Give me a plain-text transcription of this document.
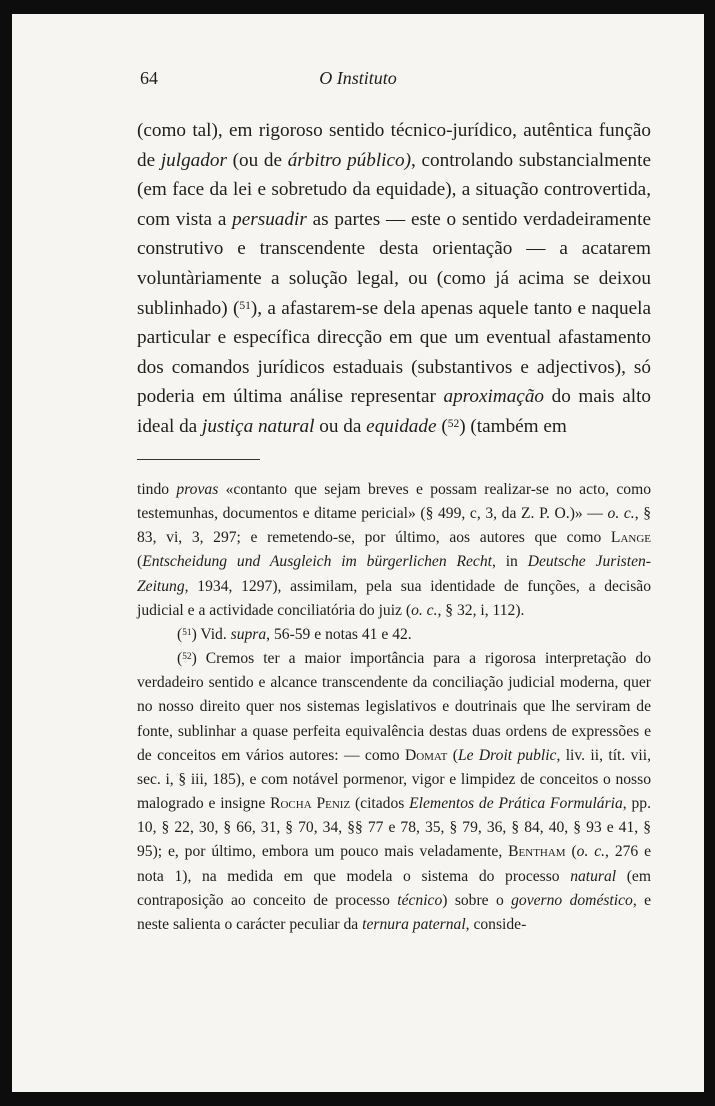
64	O Instituto

(como tal), em rigoroso sentido técnico-jurídico, autêntica função de julgador (ou de árbitro público), controlando substancialmente (em face da lei e sobretudo da equidade), a situação controvertida, com vista a persuadir as partes — este o sentido verdadeiramente construtivo e transcendente desta orientação — a acatarem voluntàriamente a solução legal, ou (como já acima se deixou sublinhado) ($^{51}$), a afastarem-se dela apenas aquele tanto e naquela particular e específica direcção em que um eventual afastamento dos comandos jurídicos estaduais (substantivos e adjectivos), só poderia em última análise representar aproximação do mais alto ideal da justiça natural ou da equidade ($^{52}$) (também em

tindo provas «contanto que sejam breves e possam realizar-se no acto, como testemunhas, documentos e ditame pericial» (§ 499, c, 3, da Z. P. O.)» — o. c., § 83, vi, 3, 297; e remetendo-se, por último, aos autores que como Lange (Entscheidung und Ausgleich im bürgerlichen Recht, in Deutsche Juristen-Zeitung, 1934, 1297), assimilam, pela sua identidade de funções, a decisão judicial e a actividade conciliatória do juiz (o. c., § 32, i, 112).

($^{51}$) Vid. supra, 56-59 e notas 41 e 42.

($^{52}$) Cremos ter a maior importância para a rigorosa interpretação do verdadeiro sentido e alcance transcendente da conciliação judicial moderna, quer no nosso direito quer nos sistemas legislativos e doutrinais que lhe serviram de fonte, sublinhar a quase perfeita equivalência destas duas ordens de expressões e de conceitos em vários autores: — como Domat (Le Droit public, liv. ii, tít. vii, sec. i, § iii, 185), e com notável pormenor, vigor e limpidez de conceitos o nosso malogrado e insigne Rocha Peniz (citados Elementos de Prática Formulária, pp. 10, § 22, 30, § 66, 31, § 70, 34, §§ 77 e 78, 35, § 79, 36, § 84, 40, § 93 e 41, § 95); e, por último, embora um pouco mais veladamente, Bentham (o. c., 276 e nota 1), na medida em que modela o sistema do processo natural (em contraposição ao conceito de processo técnico) sobre o governo doméstico, e neste salienta o carácter peculiar da ternura paternal, conside-
